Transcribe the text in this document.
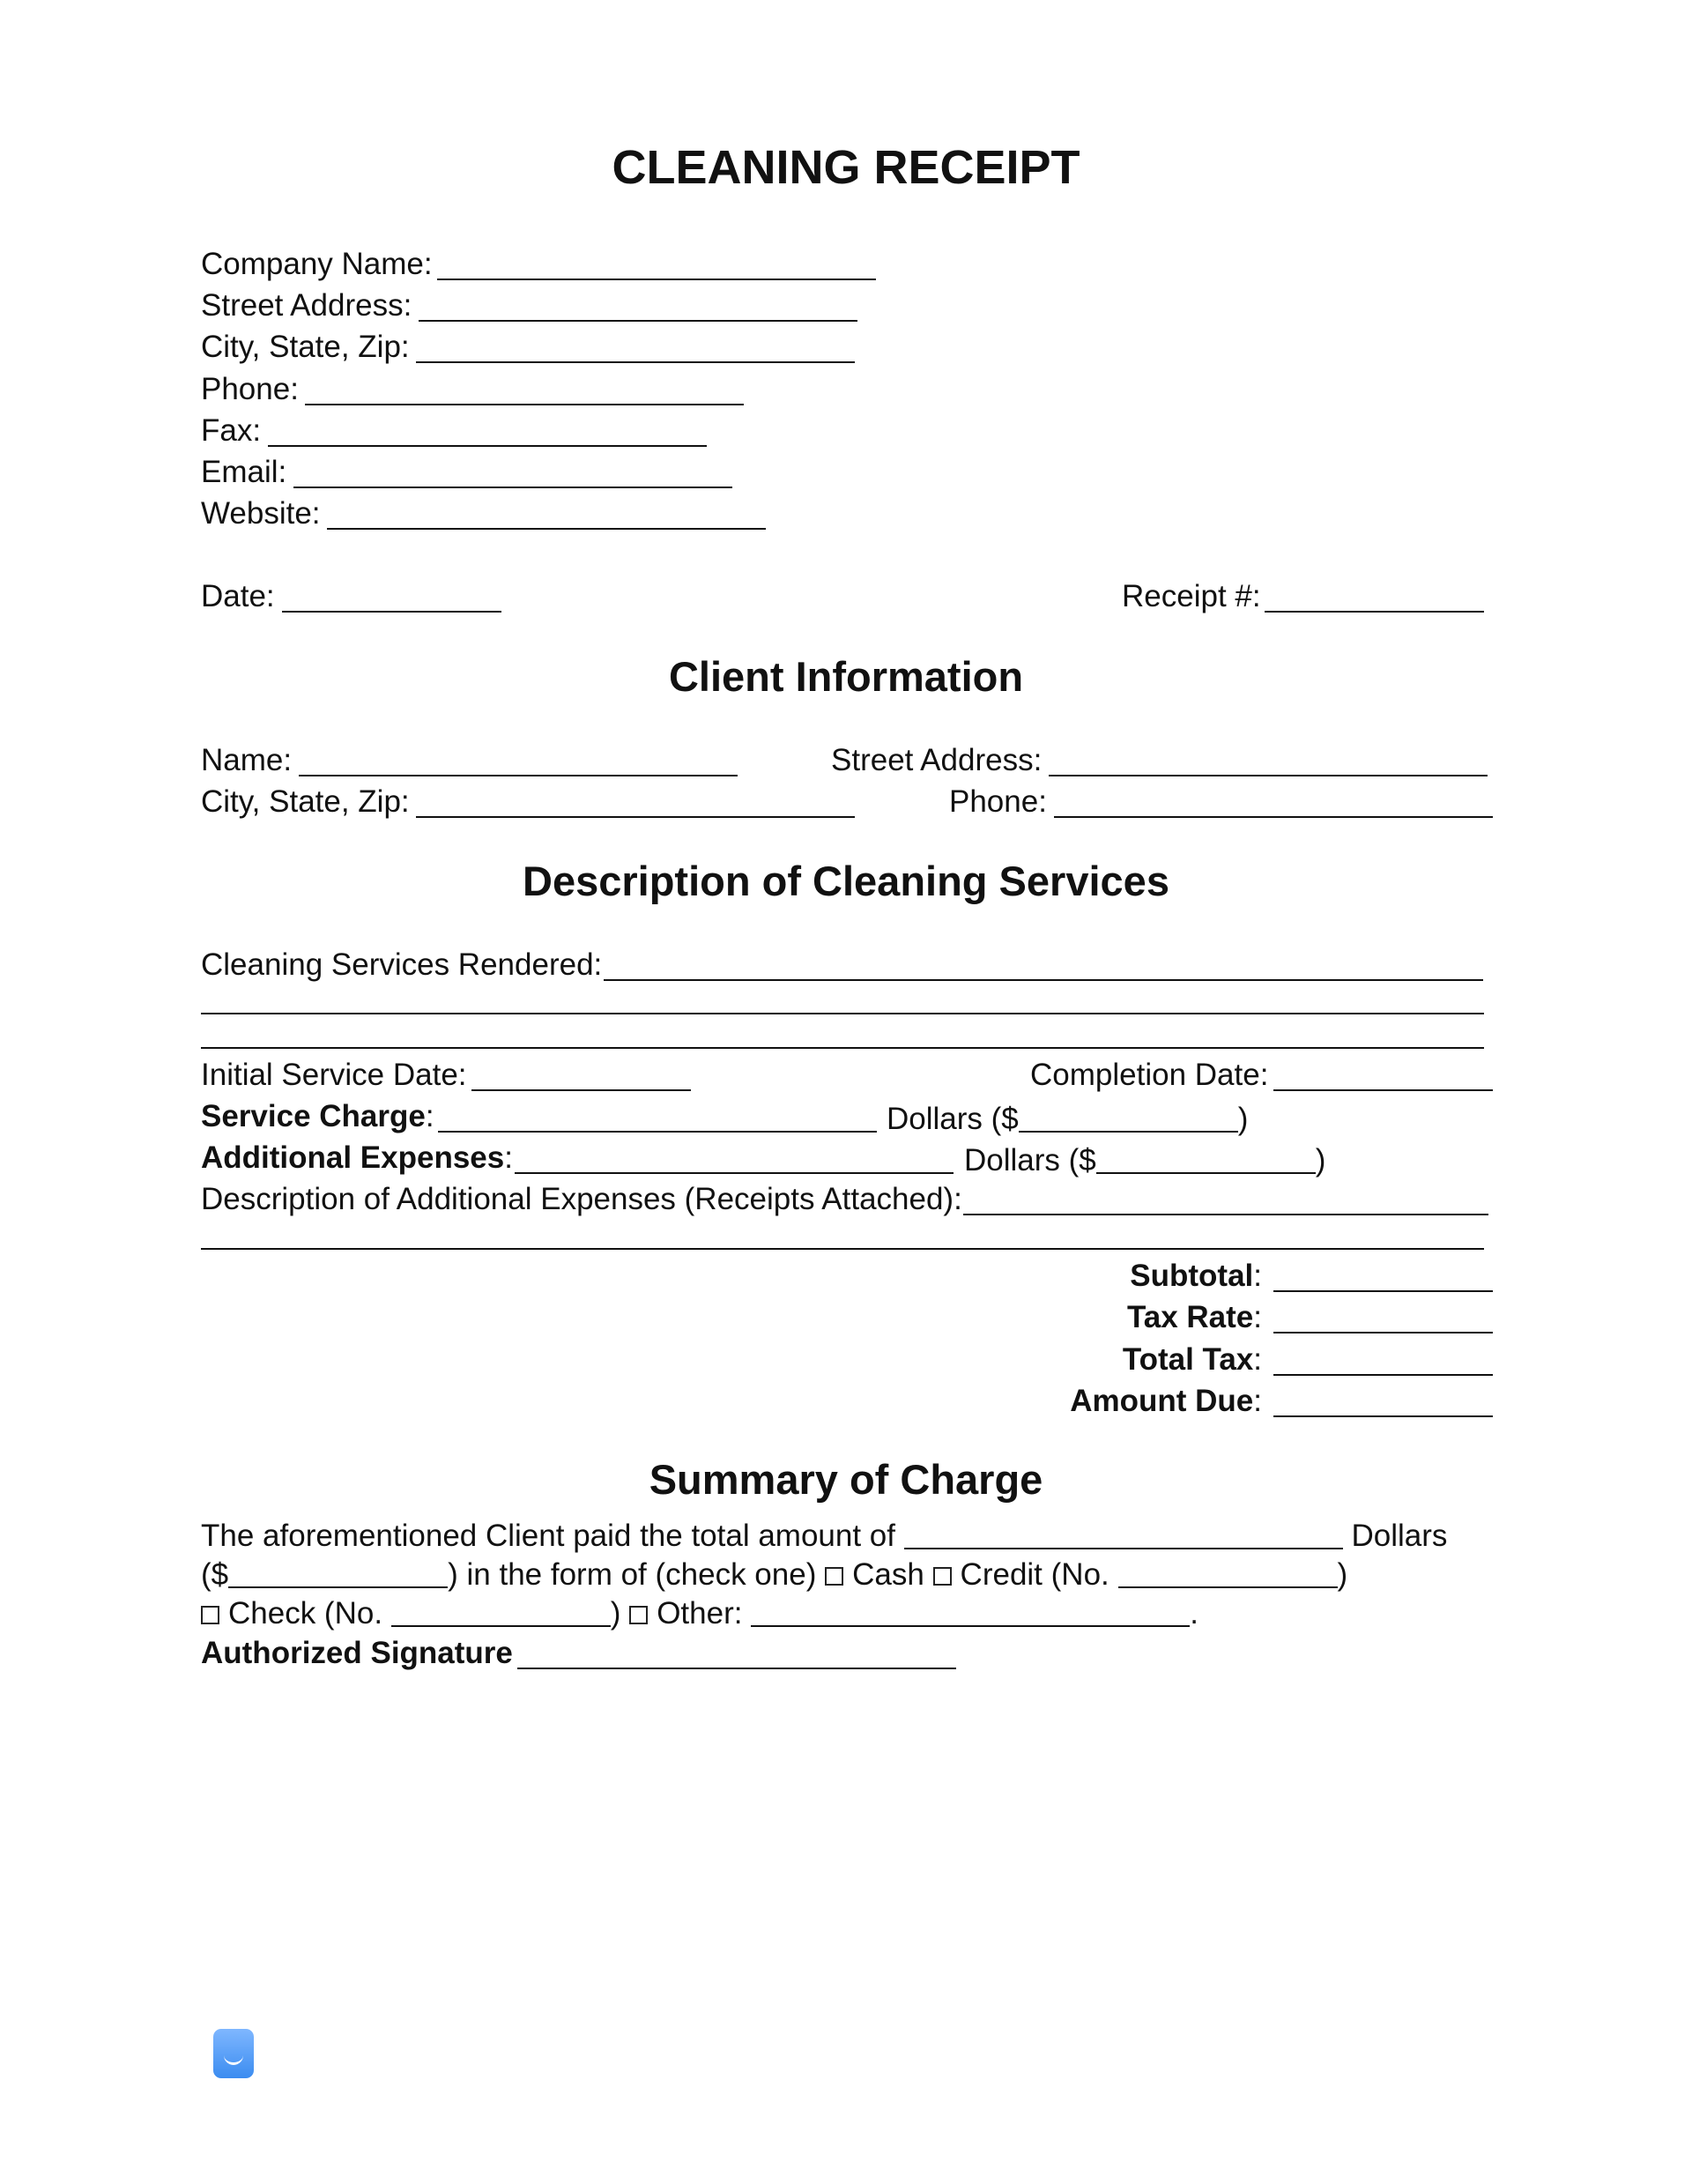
CLEANING RECEIPT
Company Name:
Street Address:
City, State, Zip:
Phone:
Fax:
Email:
Website:
Date:	Receipt #:
Client Information
Name:	Street Address:
City, State, Zip:	Phone:
Description of Cleaning Services
Cleaning Services Rendered:
Initial Service Date:	Completion Date:
Service Charge:	Dollars ($	)
Additional Expenses:	Dollars ($	)
Description of Additional Expenses (Receipts Attached):
Subtotal:
Tax Rate:
Total Tax:
Amount Due:
Summary of Charge
The aforementioned Client paid the total amount of	Dollars
($	) in the form of (check one) Cash Credit (No.	)
Check (No.	) Other:	.
Authorized Signature
